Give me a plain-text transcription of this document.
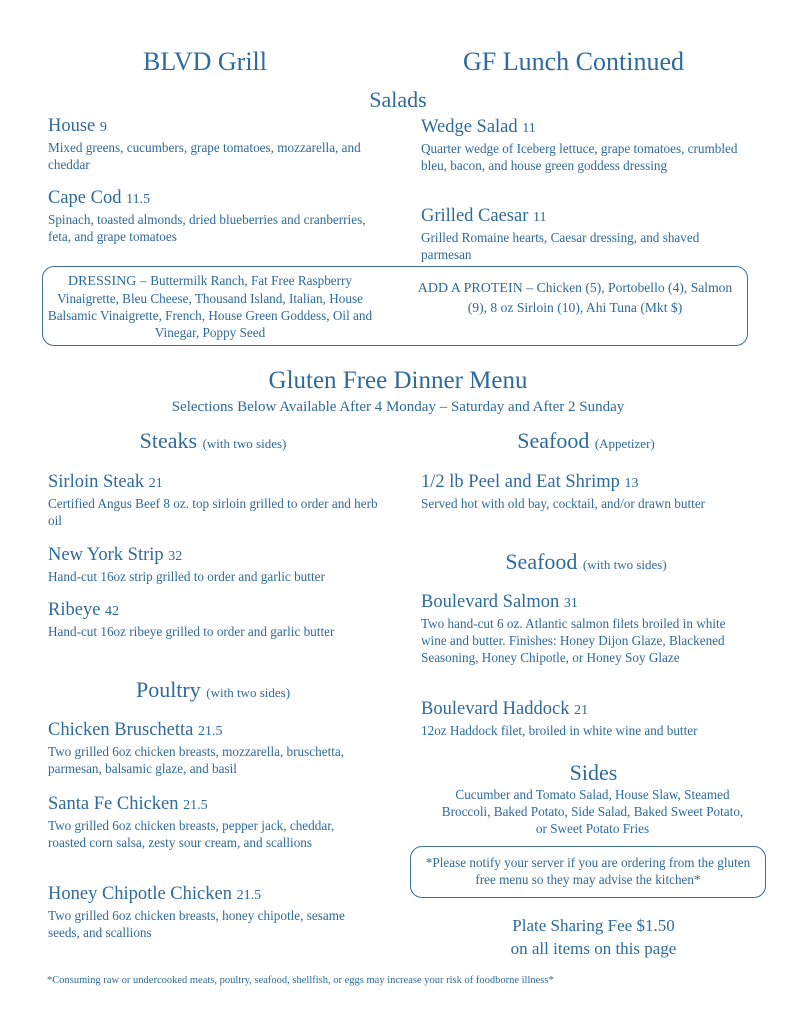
BLVD Grill	GF Lunch Continued
Salads
House 9
Mixed greens, cucumbers, grape tomatoes, mozzarella, and cheddar
Cape Cod 11.5
Spinach, toasted almonds, dried blueberries and cranberries, feta, and grape tomatoes
Wedge Salad 11
Quarter wedge of Iceberg lettuce, grape tomatoes, crumbled bleu, bacon, and house green goddess dressing
Grilled Caesar 11
Grilled Romaine hearts, Caesar dressing, and shaved parmesan
DRESSING – Buttermilk Ranch, Fat Free Raspberry Vinaigrette, Bleu Cheese, Thousand Island, Italian, House Balsamic Vinaigrette, French, House Green Goddess, Oil and Vinegar, Poppy Seed
ADD A PROTEIN – Chicken (5), Portobello (4), Salmon (9), 8 oz Sirloin (10), Ahi Tuna (Mkt $)
Gluten Free Dinner Menu
Selections Below Available After 4 Monday – Saturday and After 2 Sunday
Steaks (with two sides)
Sirloin Steak 21
Certified Angus Beef 8 oz. top sirloin grilled to order and herb oil
New York Strip 32
Hand-cut 16oz strip grilled to order and garlic butter
Ribeye 42
Hand-cut 16oz ribeye grilled to order and garlic butter
Poultry (with two sides)
Chicken Bruschetta 21.5
Two grilled 6oz chicken breasts, mozzarella, bruschetta, parmesan, balsamic glaze, and basil
Santa Fe Chicken 21.5
Two grilled 6oz chicken breasts, pepper jack, cheddar, roasted corn salsa, zesty sour cream, and scallions
Honey Chipotle Chicken 21.5
Two grilled 6oz chicken breasts, honey chipotle, sesame seeds, and scallions
Seafood (Appetizer)
1/2 lb Peel and Eat Shrimp 13
Served hot with old bay, cocktail, and/or drawn butter
Seafood (with two sides)
Boulevard Salmon 31
Two hand-cut 6 oz. Atlantic salmon filets broiled in white wine and butter. Finishes: Honey Dijon Glaze, Blackened Seasoning, Honey Chipotle, or Honey Soy Glaze
Boulevard Haddock 21
12oz Haddock filet, broiled in white wine and butter
Sides
Cucumber and Tomato Salad, House Slaw, Steamed Broccoli, Baked Potato, Side Salad, Baked Sweet Potato, or Sweet Potato Fries
*Please notify your server if you are ordering from the gluten free menu so they may advise the kitchen*
Plate Sharing Fee $1.50
on all items on this page
*Consuming raw or undercooked meats, poultry, seafood, shellfish, or eggs may increase your risk of foodborne illness*
